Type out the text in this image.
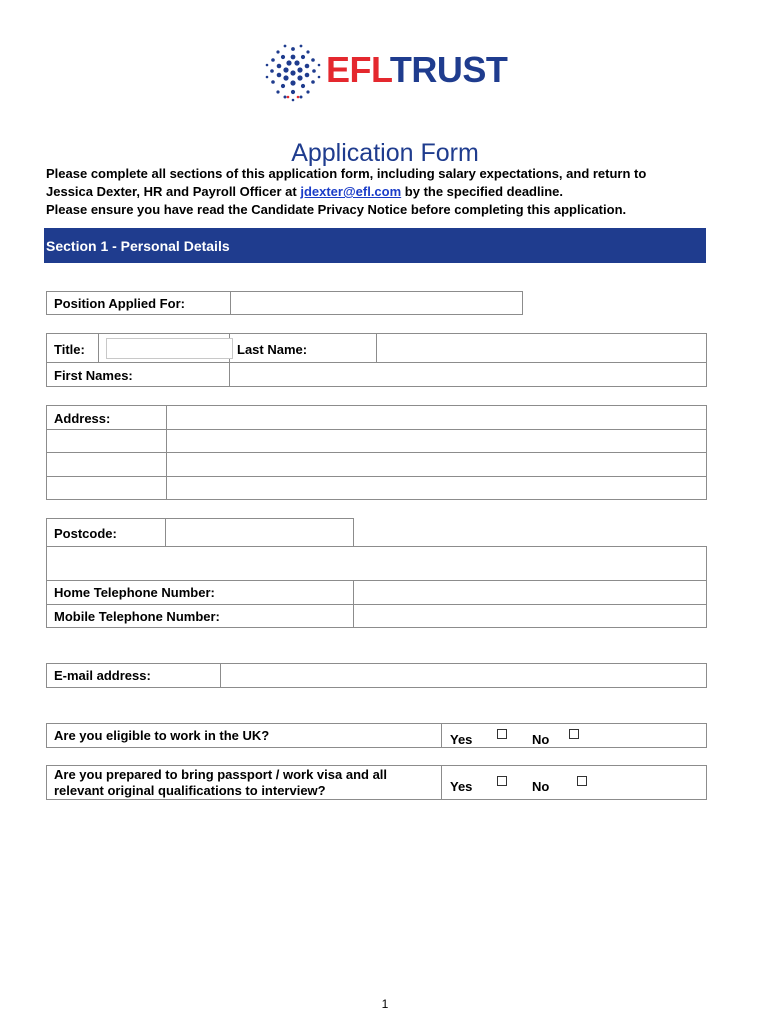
EFLTRUST
Application Form
Please complete all sections of this application form, including salary expectations, and return to
Jessica Dexter, HR and Payroll Officer at jdexter@efl.com by the specified deadline.
Please ensure you have read the Candidate Privacy Notice before completing this application.
Section 1 - Personal Details
Position Applied For:
Title:	Last Name:
First Names:
Address:
Postcode:
Home Telephone Number:
Mobile Telephone Number:
E-mail address:
Are you eligible to work in the UK?	Yes	No
Are you prepared to bring passport / work visa and all
relevant original qualifications to interview?	Yes	No
1
